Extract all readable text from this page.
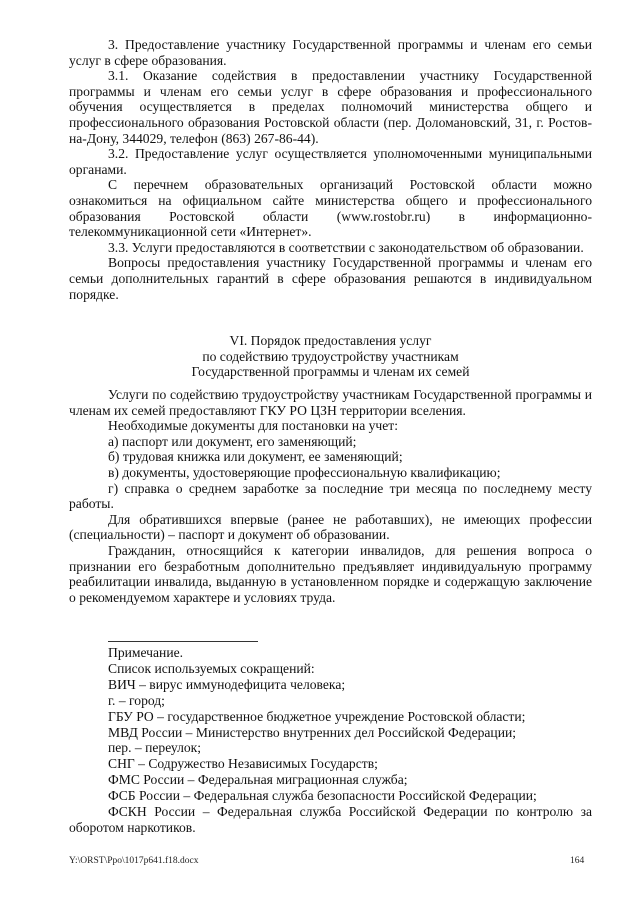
3. Предоставление участнику Государственной программы и членам его семьи услуг в сфере образования.

3.1. Оказание содействия в предоставлении участнику Государственной программы и членам его семьи услуг в сфере образования и профессионального обучения осуществляется в пределах полномочий министерства общего и профессионального образования Ростовской области (пер. Доломановский, 31, г. Ростов-на-Дону, 344029, телефон (863) 267-86-44).

3.2. Предоставление услуг осуществляется уполномоченными муниципальными органами.

С перечнем образовательных организаций Ростовской области можно ознакомиться на официальном сайте министерства общего и профессионального образования Ростовской области (www.rostobr.ru) в информационно-телекоммуникационной сети «Интернет».

3.3. Услуги предоставляются в соответствии с законодательством об образовании.

Вопросы предоставления участнику Государственной программы и членам его семьи дополнительных гарантий в сфере образования решаются в индивидуальном порядке.

VI. Порядок предоставления услуг
по содействию трудоустройству участникам
Государственной программы и членам их семей

Услуги по содействию трудоустройству участникам Государственной программы и членам их семей предоставляют ГКУ РО ЦЗН территории вселения.

Необходимые документы для постановки на учет:

а) паспорт или документ, его заменяющий;

б) трудовая книжка или документ, ее заменяющий;

в) документы, удостоверяющие профессиональную квалификацию;

г) справка о среднем заработке за последние три месяца по последнему месту работы.

Для обратившихся впервые (ранее не работавших), не имеющих профессии (специальности) – паспорт и документ об образовании.

Гражданин, относящийся к категории инвалидов, для решения вопроса о признании его безработным дополнительно предъявляет индивидуальную программу реабилитации инвалида, выданную в установленном порядке и содержащую заключение о рекомендуемом характере и условиях труда.

Примечание.

Список используемых сокращений:

ВИЧ – вирус иммунодефицита человека;

г. – город;

ГБУ РО – государственное бюджетное учреждение Ростовской области;

МВД России – Министерство внутренних дел Российской Федерации;

пер. – переулок;

СНГ – Содружество Независимых Государств;

ФМС России – Федеральная миграционная служба;

ФСБ России – Федеральная служба безопасности Российской Федерации;

ФСКН России – Федеральная служба Российской Федерации по контролю за оборотом наркотиков.

Y:\ORST\Ppo\1017p641.f18.docx	164
